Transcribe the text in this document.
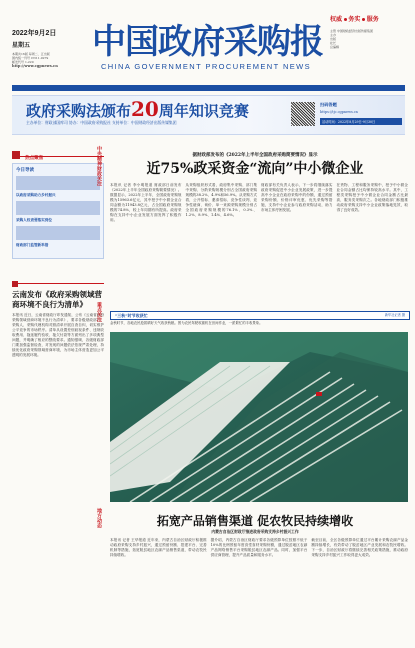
2022年9月2日
星期五
本期共16版 每周二、五出版
国内统一刊号 CN11-0279
邮发代号 1-220
http://www.cgpnews.cn
中国政府采购报
CHINA GOVERNMENT PROCUREMENT NEWS
权威 务实 服务
主管 中国财政经济出版传媒集团
主办
出版
社长
总编辑
政府采购法颁布20周年知识竞赛
主办单位：财政部国库司 协办：中国政府采购报社 支持单位：中国财政经济出版传媒集团
扫码答题
https://tjc.cgpnews.cn
活动时间：2022年8月29日-9月30日
热点聚焦
今日导读
以政府采购助力乡村振兴
采购人权责要落实到位
财政部门监管新举措
云南发布《政府采购领域营商环境不良行为清单》

本报讯 近日，云南省财政厅印发通知，公布《云南省政府采购领域营商环境不良行为清单》，要求各级财政部门、采购人、采购代理机构对照清单开展自查自纠，切实维护公平竞争的市场秩序。清单从设置差别歧视条件、违规收取费用、拖延履约验收、拖欠付款等方面列出了多项典型问题，并明确了相应的整改要求。通知强调，各级财政部门要加强监督检查，对发现的问题依法依规严肃处理，持续优化政府采购领域营商环境，为市场主体营造更加公平透明的发展环境。

中央精神
财政关注
重点关注
地方动态
据财政部发布的《2022年上半年全国政府采购简要情况》显示
近75%政采资金“流向”中小微企业

本报讯 记者 李小明报道 财政部日前发布《2022年上半年全国政府采购简要情况》。数据显示，2022年上半年，全国政府采购规模为15963.6亿元，其中授予中小微企业合同金额为11943.8亿元，占全国政府采购规模的74.8%，较上年同期有所提高。政府采购在支持中小企业发展方面发挥了积极作用。

从采购组织形式看，政府集中采购、部门集中采购、分散采购规模分别占全国政府采购规模的38.2%、4.9%和56.9%。从采购方式看，公开招标、邀请招标、竞争性谈判、竞争性磋商、询价、单一来源采购规模分别占全国政府采购规模的76.1%、0.3%、1.2%、8.9%、1.4%、4.6%。

财政部有关负责人表示，下一步将继续落实政府采购促进中小企业发展政策，进一步提高中小企业在政府采购中的份额，通过预留采购份额、价格评审优惠、优先采购等措施，支持中小企业参与政府采购活动，助力市场主体纾困发展。

在货物、工程和服务采购中，授予中小微企业合同金额占比均保持较高水平。其中，工程类采购授予中小微企业合同金额占比最高，服务类采购次之。各地财政部门积极推动政府采购支持中小企业政策落地见效，取得了良好成效。

“三秋”时节收获忙	新华社记者 摄
金秋时节，各地农民抢抓晴好天气收获秋粮。图为农民驾驶收割机在田间作业，一派繁忙的丰收景象。
拓宽产品销售渠道 促农牧民持续增收
内蒙古自治区财政厅推进政府采购支持乡村振兴工作

本报讯 记者 王华报道 近年来，内蒙古自治区财政厅积极推动政府采购支持乡村振兴，通过预留份额、搭建平台、完善机制等措施，拓宽脱贫地区农副产品销售渠道，带动农牧民持续增收。

据介绍，内蒙古自治区财政厅要求各级预算单位按照不低于10%的比例预留年度食堂食材采购份额，通过脱贫地区农副产品网络销售平台采购脱贫地区农副产品。同时，加强平台供应商管理，提升产品质量和服务水平。

截至目前，全区各级预算单位通过平台累计采购农副产品金额持续增长，有效带动了脱贫地区产业发展和农牧民增收。下一步，自治区财政厅将继续完善相关政策措施，推动政府采购支持乡村振兴工作取得更大成效。
